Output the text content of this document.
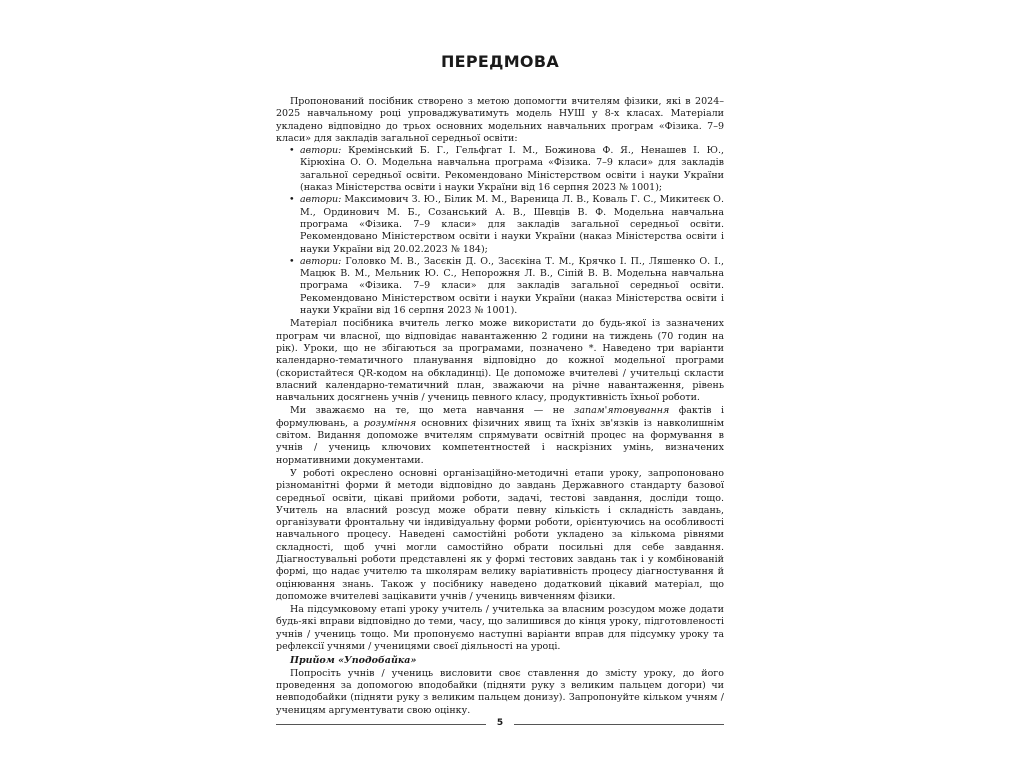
ПЕРЕДМОВА

Пропонований посібник створено з метою допомогти вчителям фізики, які в 2024–2025 навчальному році упроваджуватимуть модель НУШ у 8-х класах. Матеріали укладено відповідно до трьох основних модельних навчальних програм «Фізика. 7–9 класи» для закладів загальної середньої освіти:

• автори: Кремінський Б. Г., Гельфгат І. М., Божинова Ф. Я., Ненашев І. Ю., Кірюхіна О. О. Модельна навчальна програма «Фізика. 7–9 класи» для закладів загальної середньої освіти. Рекомендовано Міністерством освіти і науки України (наказ Міністерства освіти і науки України від 16 серпня 2023 № 1001);
• автори: Максимович З. Ю., Білик М. М., Вареница Л. В., Коваль Г. С., Микитеєк О. М., Ординович М. Б., Созанський А. В., Шевців В. Ф. Модельна навчальна програма «Фізика. 7–9 класи» для закладів загальної середньої освіти. Рекомендовано Міністерством освіти і науки України (наказ Міністерства освіти і науки України від 20.02.2023 № 184);
• автори: Головко М. В., Засєкін Д. О., Засєкіна Т. М., Крячко І. П., Ляшенко О. І., Мацюк В. М., Мельник Ю. С., Непорожня Л. В., Сіпій В. В. Модельна навчальна програма «Фізика. 7–9 класи» для закладів загальної середньої освіти. Рекомендовано Міністерством освіти і науки України (наказ Міністерства освіти і науки України від 16 серпня 2023 № 1001).

Матеріал посібника вчитель легко може використати до будь-якої із зазначених програм чи власної, що відповідає навантаженню 2 години на тиждень (70 годин на рік). Уроки, що не збігаються за програмами, позначено *. Наведено три варіанти календарно-тематичного планування відповідно до кожної модельної програми (скористайтеся QR-кодом на обкладинці). Це допоможе вчителеві / учительці скласти власний календарно-тематичний план, зважаючи на річне навантаження, рівень навчальних досягнень учнів / учениць певного класу, продуктивність їхньої роботи.

Ми зважаємо на те, що мета навчання — не запам'ятовування фактів і формулювань, а розуміння основних фізичних явищ та їхніх зв'язків із навколишнім світом. Видання допоможе вчителям спрямувати освітній процес на формування в учнів / учениць ключових компетентностей і наскрізних умінь, визначених нормативними документами.

У роботі окреслено основні організаційно-методичні етапи уроку, запропоновано різноманітні форми й методи відповідно до завдань Державного стандарту базової середньої освіти, цікаві прийоми роботи, задачі, тестові завдання, досліди тощо. Учитель на власний розсуд може обрати певну кількість і складність завдань, організувати фронтальну чи індивідуальну форми роботи, орієнтуючись на особливості навчального процесу. Наведені самостійні роботи укладено за кількома рівнями складності, щоб учні могли самостійно обрати посильні для себе завдання. Діагностувальні роботи представлені як у формі тестових завдань так і у комбінованій формі, що надає учителю та школярам велику варіативність процесу діагностування й оцінювання знань. Також у посібнику наведено додатковий цікавий матеріал, що допоможе вчителеві зацікавити учнів / учениць вивченням фізики.

На підсумковому етапі уроку учитель / учителька за власним розсудом може додати будь-які вправи відповідно до теми, часу, що залишився до кінця уроку, підготовленості учнів / учениць тощо. Ми пропонуємо наступні варіанти вправ для підсумку уроку та рефлексії учнями / ученицями своєї діяльності на уроці.

Прийом «Уподобайка»

Попросіть учнів / учениць висловити своє ставлення до змісту уроку, до його проведення за допомогою вподобайки (підняти руку з великим пальцем догори) чи невподобайки (підняти руку з великим пальцем донизу). Запропонуйте кільком учням / ученицям аргументувати свою оцінку.

5
